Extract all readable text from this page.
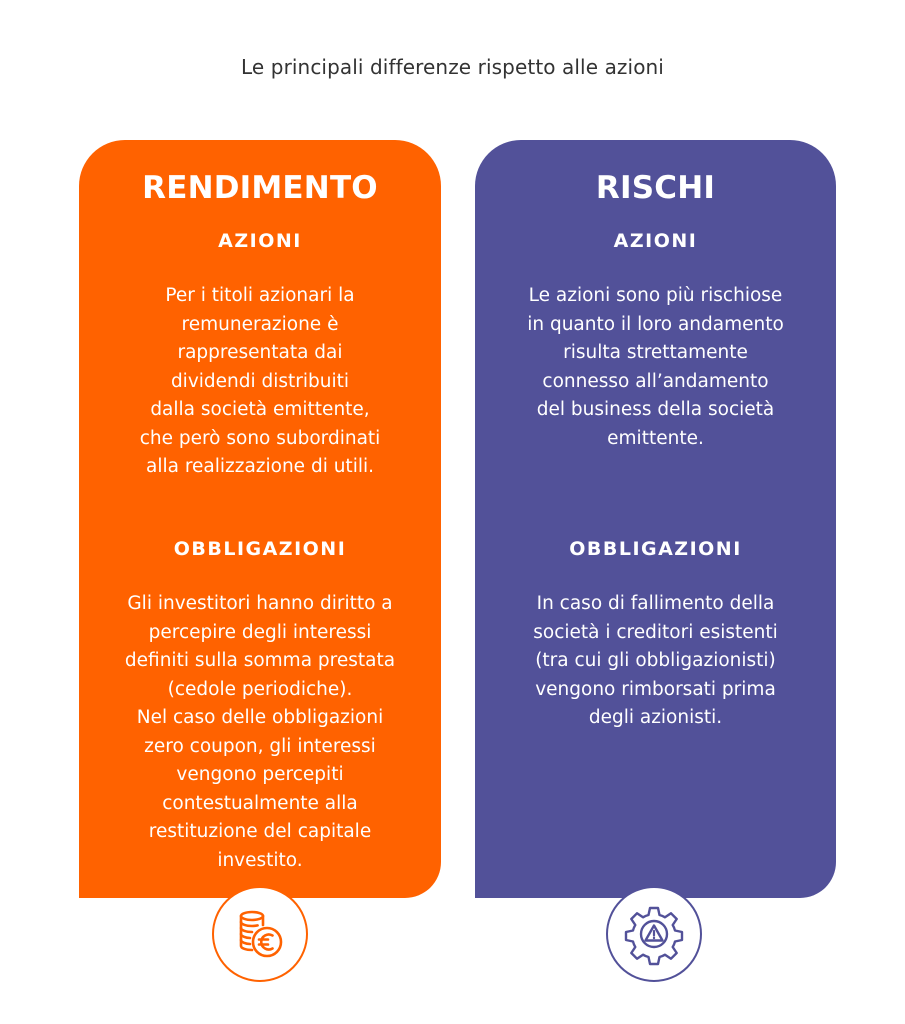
Le principali differenze rispetto alle azioni
RENDIMENTO
AZIONI
Per i titoli azionari la
remunerazione è
rappresentata dai
dividendi distribuiti
dalla società emittente,
che però sono subordinati
alla realizzazione di utili.
OBBLIGAZIONI
Gli investitori hanno diritto a
percepire degli interessi
definiti sulla somma prestata
(cedole periodiche).
Nel caso delle obbligazioni
zero coupon, gli interessi
vengono percepiti
contestualmente alla
restituzione del capitale
investito.
RISCHI
AZIONI
Le azioni sono più rischiose
in quanto il loro andamento
risulta strettamente
connesso all’andamento
del business della società
emittente.
OBBLIGAZIONI
In caso di fallimento della
società i creditori esistenti
(tra cui gli obbligazionisti)
vengono rimborsati prima
degli azionisti.
